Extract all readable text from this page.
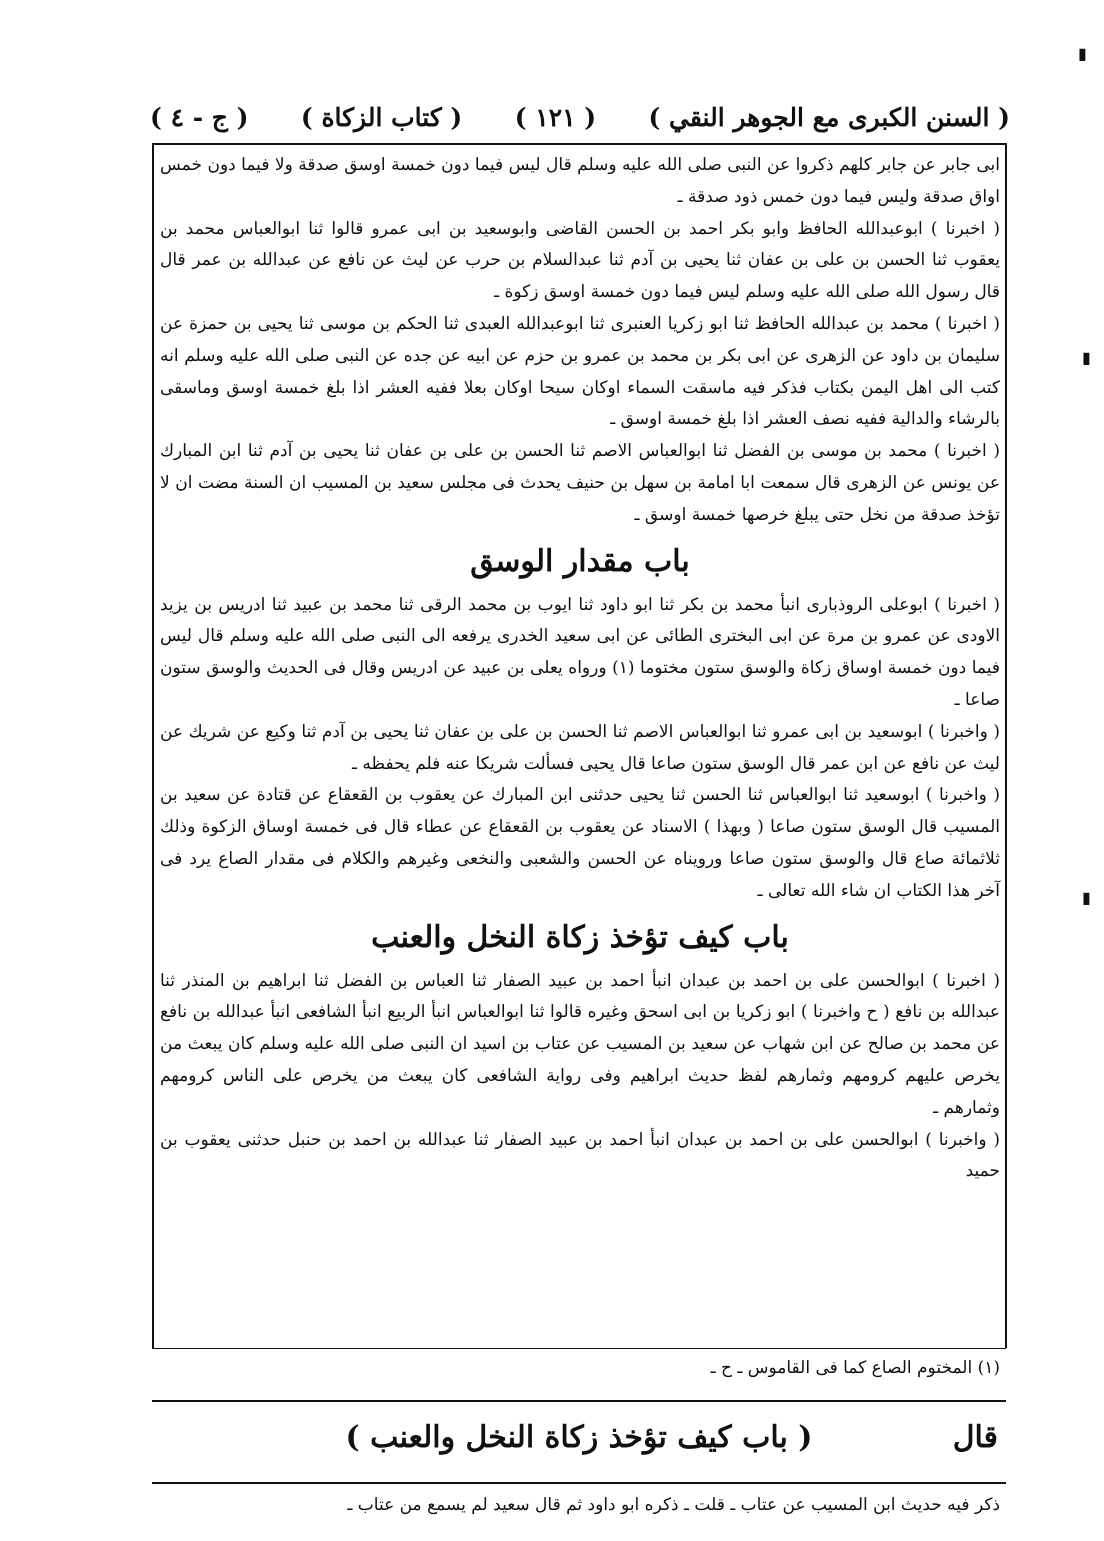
( السنن الكبرى مع الجوهر النقي )
( ١٢١ )
( كتاب الزكاة )
( ج - ٤ )
▮
▮
▮

ابى جابر عن جابر كلهم ذكروا عن النبى صلى الله عليه وسلم قال ليس فيما دون خمسة اوسق صدقة ولا فيما دون خمس اواق صدقة وليس فيما دون خمس ذود صدقة ـ

( اخبرنا ) ابوعبدالله الحافظ وابو بكر احمد بن الحسن القاضى وابوسعيد بن ابى عمرو قالوا ثنا ابوالعباس محمد بن يعقوب ثنا الحسن بن على بن عفان ثنا يحيى بن آدم ثنا عبدالسلام بن حرب عن ليث عن نافع عن عبدالله بن عمر قال قال رسول الله صلى الله عليه وسلم ليس فيما دون خمسة اوسق زكوة ـ

( اخبرنا ) محمد بن عبدالله الحافظ ثنا ابو زكريا العنبرى ثنا ابوعبدالله العبدى ثنا الحكم بن موسى ثنا يحيى بن حمزة عن سليمان بن داود عن الزهرى عن ابى بكر بن محمد بن عمرو بن حزم عن ابيه عن جده عن النبى صلى الله عليه وسلم انه كتب الى اهل اليمن بكتاب فذكر فيه ماسقت السماء اوكان سيحا اوكان بعلا ففيه العشر اذا بلغ خمسة اوسق وماسقى بالرشاء والدالية ففيه نصف العشر اذا بلغ خمسة اوسق ـ

( اخبرنا ) محمد بن موسى بن الفضل ثنا ابوالعباس الاصم ثنا الحسن بن على بن عفان ثنا يحيى بن آدم ثنا ابن المبارك عن يونس عن الزهرى قال سمعت ابا امامة بن سهل بن حنيف يحدث فى مجلس سعيد بن المسيب ان السنة مضت ان لا تؤخذ صدقة من نخل حتى يبلغ خرصها خمسة اوسق ـ

باب مقدار الوسق

( اخبرنا ) ابوعلى الروذبارى انبأ محمد بن بكر ثنا ابو داود ثنا ايوب بن محمد الرقى ثنا محمد بن عبيد ثنا ادريس بن يزيد الاودى عن عمرو بن مرة عن ابى البخترى الطائى عن ابى سعيد الخدرى يرفعه الى النبى صلى الله عليه وسلم قال ليس فيما دون خمسة اوساق زكاة والوسق ستون مختوما (١) ورواه يعلى بن عبيد عن ادريس وقال فى الحديث والوسق ستون صاعا ـ

( واخبرنا ) ابوسعيد بن ابى عمرو ثنا ابوالعباس الاصم ثنا الحسن بن على بن عفان ثنا يحيى بن آدم ثنا وكيع عن شريك عن ليث عن نافع عن ابن عمر قال الوسق ستون صاعا قال يحيى فسألت شريكا عنه فلم يحفظه ـ

( واخبرنا ) ابوسعيد ثنا ابوالعباس ثنا الحسن ثنا يحيى حدثنى ابن المبارك عن يعقوب بن القعقاع عن قتادة عن سعيد بن المسيب قال الوسق ستون صاعا ( وبهذا ) الاسناد عن يعقوب بن القعقاع عن عطاء قال فى خمسة اوساق الزكوة وذلك ثلاثمائة صاع قال والوسق ستون صاعا ورويناه عن الحسن والشعبى والنخعى وغيرهم والكلام فى مقدار الصاع يرد فى آخر هذا الكتاب ان شاء الله تعالى ـ

باب كيف تؤخذ زكاة النخل والعنب

( اخبرنا ) ابوالحسن على بن احمد بن عبدان انبأ احمد بن عبيد الصفار ثنا العباس بن الفضل ثنا ابراهيم بن المنذر ثنا عبدالله بن نافع ( ح واخبرنا ) ابو زكريا بن ابى اسحق وغيره قالوا ثنا ابوالعباس انبأ الربيع انبأ الشافعى انبأ عبدالله بن نافع عن محمد بن صالح عن ابن شهاب عن سعيد بن المسيب عن عتاب بن اسيد ان النبى صلى الله عليه وسلم كان يبعث من يخرص عليهم كرومهم وثمارهم لفظ حديث ابراهيم وفى رواية الشافعى كان يبعث من يخرص على الناس كرومهم وثمارهم ـ

( واخبرنا ) ابوالحسن على بن احمد بن عبدان انبأ احمد بن عبيد الصفار ثنا عبدالله بن احمد بن حنبل حدثنى يعقوب بن حميد

(١) المختوم الصاع كما فى القاموس ـ ح ـ
قال
( باب كيف تؤخذ زكاة النخل والعنب )
ذكر فيه حديث ابن المسيب عن عتاب ـ قلت ـ ذكره ابو داود ثم قال سعيد لم يسمع من عتاب ـ
